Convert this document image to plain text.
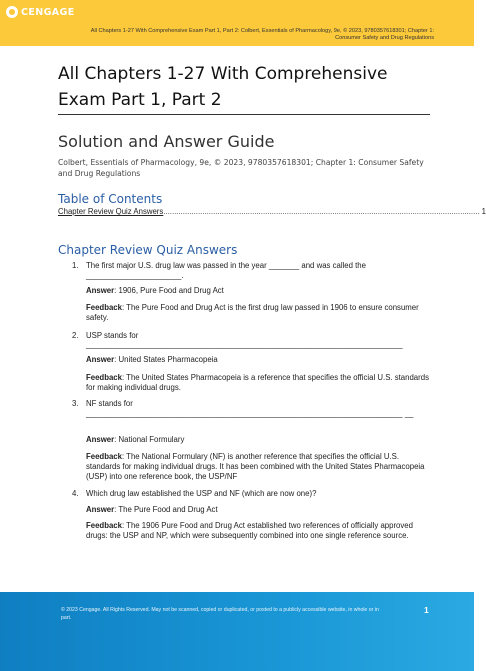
CENGAGE
All Chapters 1-27 With Comprehensive Exam Part 1, Part 2: Colbert, Essentials of Pharmacology, 9e, © 2023, 9780357618301; Chapter 1: Consumer Safety and Drug Regulations
All Chapters 1-27 With Comprehensive Exam Part 1, Part 2
Solution and Answer Guide
Colbert, Essentials of Pharmacology, 9e, © 2023, 9780357618301; Chapter 1: Consumer Safety and Drug Regulations
Table of Contents
Chapter Review Quiz Answers .................................................................................................................................................. 1
Chapter Review Quiz Answers
1. The first major U.S. drug law was passed in the year _______ and was called the ______________________.
Answer: 1906, Pure Food and Drug Act
Feedback: The Pure Food and Drug Act is the first drug law passed in 1906 to ensure consumer safety.
2. USP stands for
_________________________________________________________________________
Answer: United States Pharmacopeia
Feedback: The United States Pharmacopeia is a reference that specifies the official U.S. standards for making individual drugs.
3. NF stands for
_________________________________________________________________________ __
Answer: National Formulary
Feedback: The National Formulary (NF) is another reference that specifies the official U.S. standards for making individual drugs. It has been combined with the United States Pharmacopeia (USP) into one reference book, the USP/NF
4. Which drug law established the USP and NF (which are now one)?
Answer: The Pure Food and Drug Act
Feedback: The 1906 Pure Food and Drug Act established two references of officially approved drugs: the USP and NP, which were subsequently combined into one single reference source.
© 2023 Cengage. All Rights Reserved. May not be scanned, copied or duplicated, or posted to a publicly accessible website, in whole or in part.
1
